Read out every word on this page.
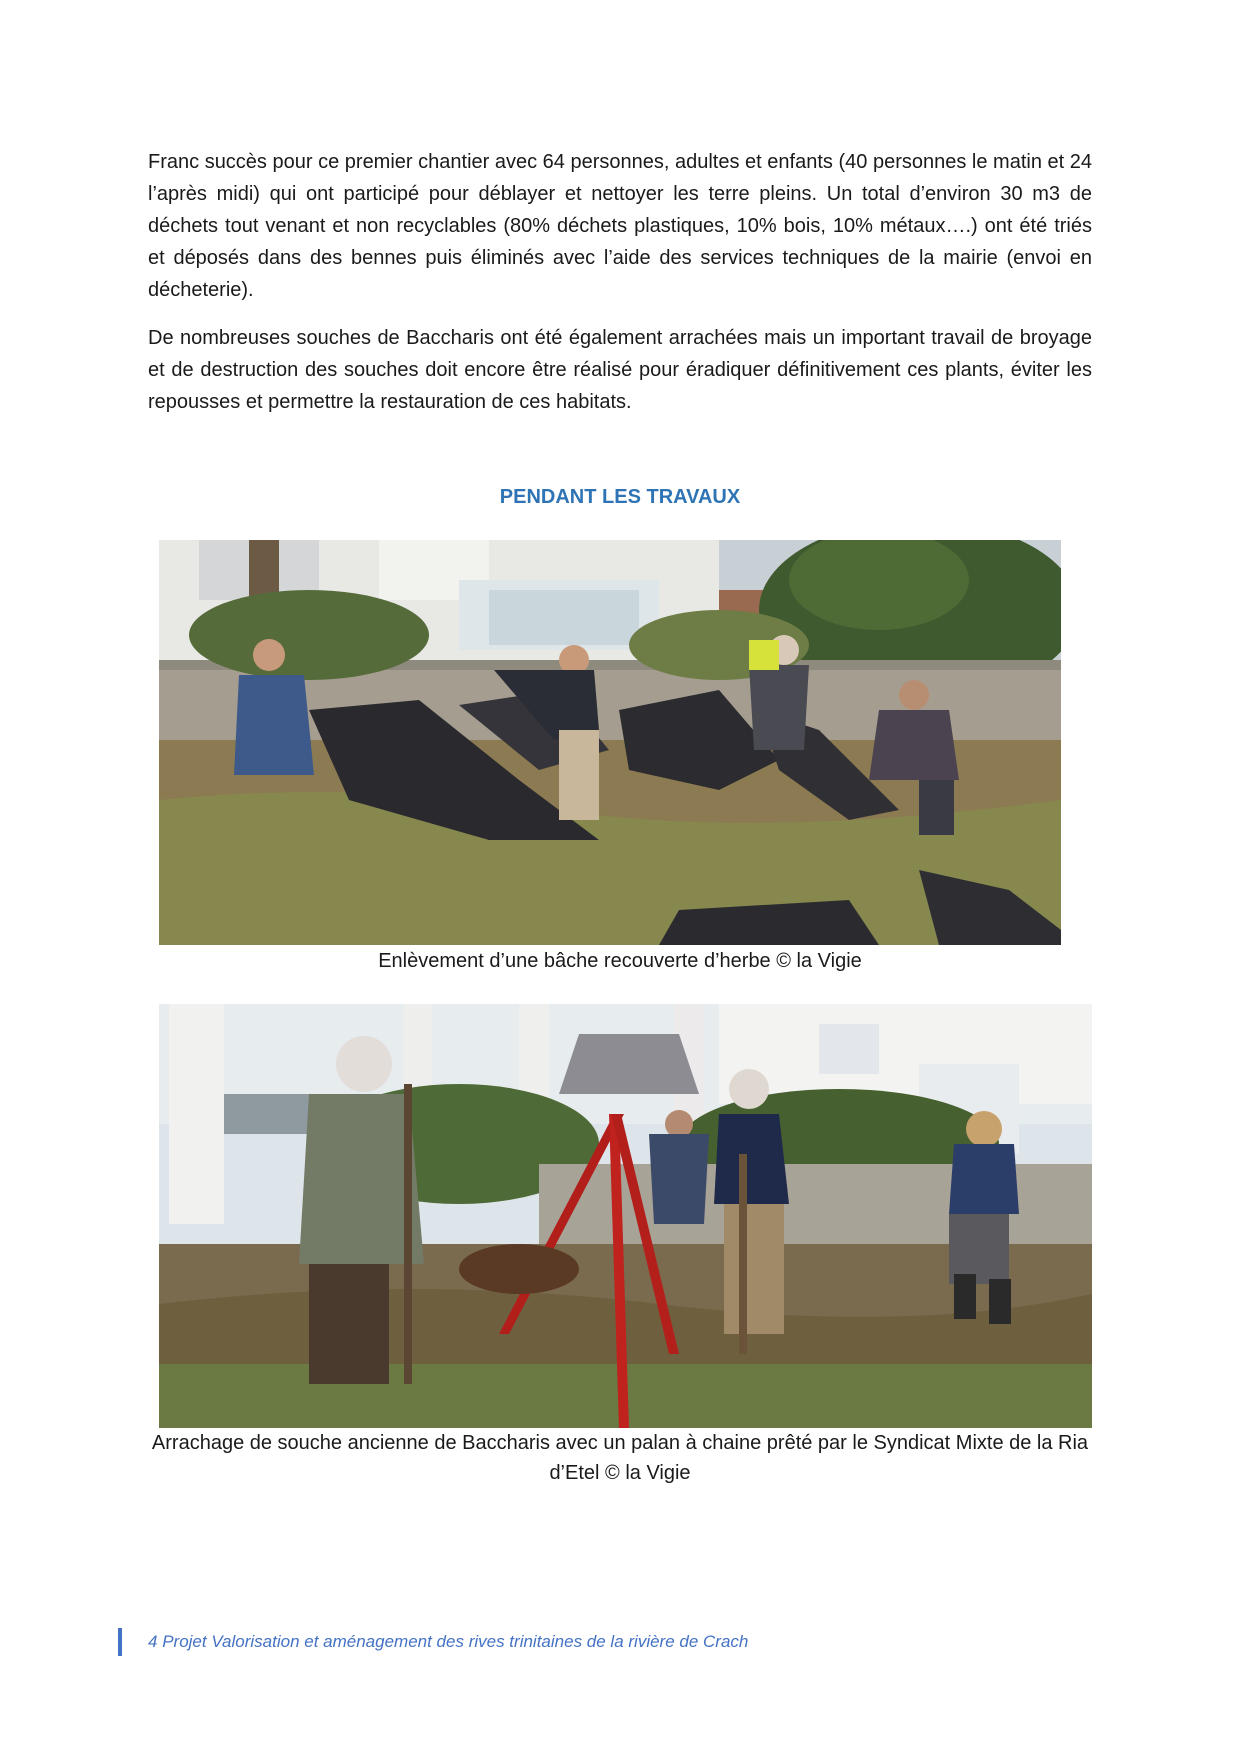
Franc succès pour ce premier chantier avec 64 personnes, adultes et enfants (40 personnes le matin et 24 l’après midi) qui ont participé pour déblayer et nettoyer les terre pleins. Un total d’environ 30 m3 de déchets tout venant et non recyclables (80% déchets plastiques, 10% bois, 10% métaux….) ont été triés et déposés dans des bennes puis éliminés avec l’aide des services techniques de la mairie (envoi en décheterie).

De nombreuses souches de Baccharis ont été également arrachées mais un important travail de broyage et de destruction des souches doit encore être réalisé pour éradiquer définitivement ces plants, éviter les repousses et permettre la restauration de ces habitats.

PENDANT LES TRAVAUX

Enlèvement d’une bâche recouverte d’herbe © la Vigie

Arrachage de souche ancienne de Baccharis avec un palan à chaine prêté par le Syndicat Mixte de la Ria d’Etel © la Vigie

4 Projet Valorisation et aménagement des rives trinitaines de la rivière de Crach
